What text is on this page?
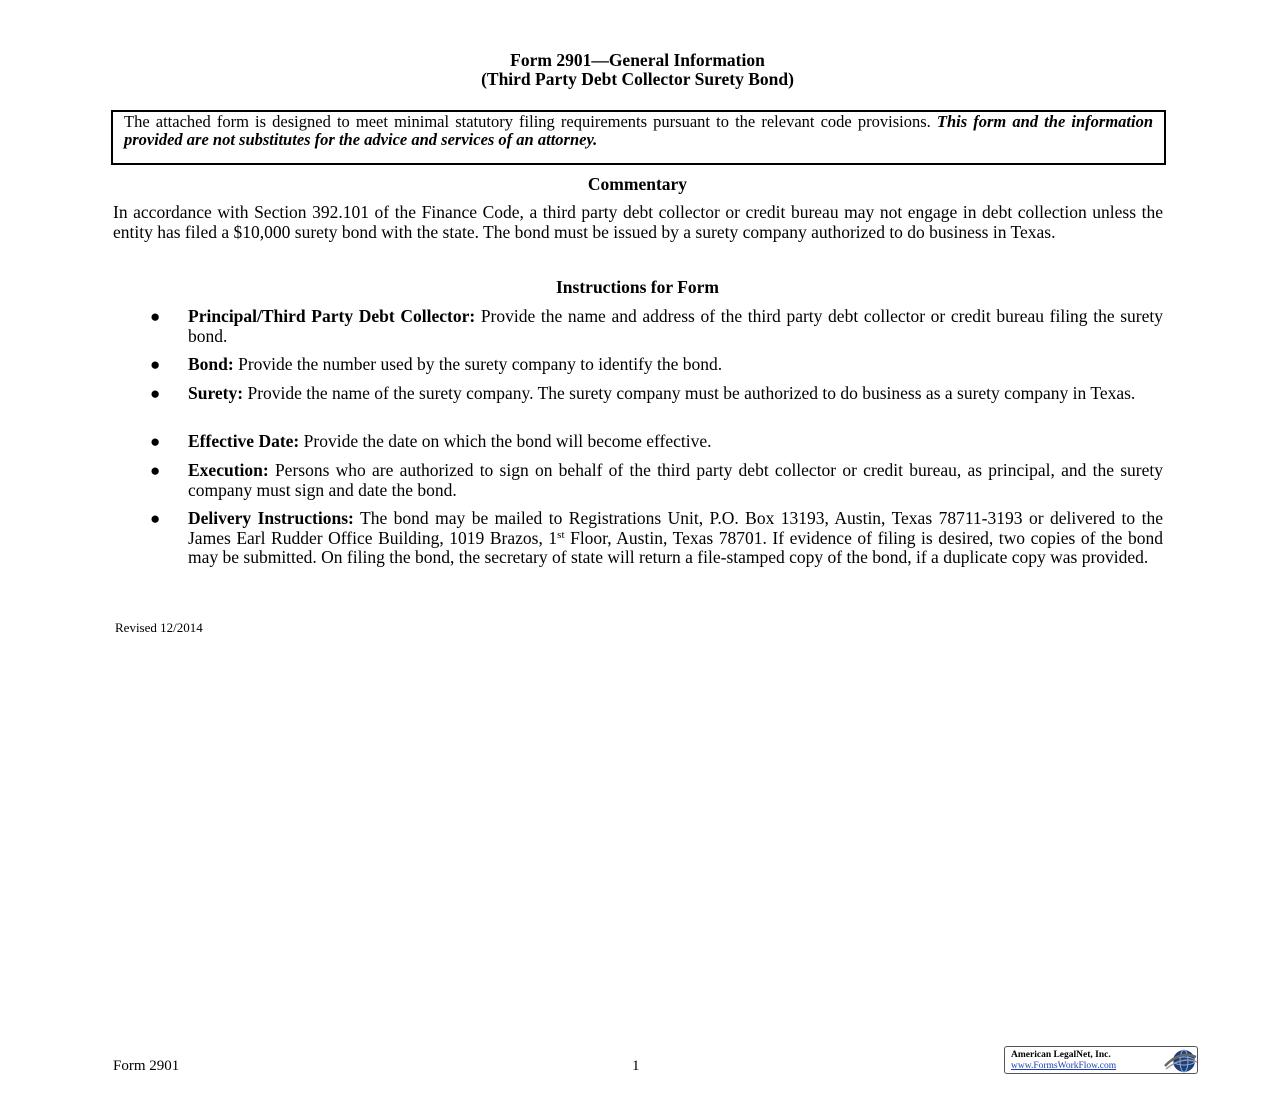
Form 2901—General Information
(Third Party Debt Collector Surety Bond)
The attached form is designed to meet minimal statutory filing requirements pursuant to the relevant code provisions. This form and the information provided are not substitutes for the advice and services of an attorney.
Commentary
In accordance with Section 392.101 of the Finance Code, a third party debt collector or credit bureau may not engage in debt collection unless the entity has filed a $10,000 surety bond with the state. The bond must be issued by a surety company authorized to do business in Texas.
Instructions for Form
● Principal/Third Party Debt Collector: Provide the name and address of the third party debt collector or credit bureau filing the surety bond.
● Bond: Provide the number used by the surety company to identify the bond.
● Surety: Provide the name of the surety company. The surety company must be authorized to do business as a surety company in Texas.
● Effective Date: Provide the date on which the bond will become effective.
● Execution: Persons who are authorized to sign on behalf of the third party debt collector or credit bureau, as principal, and the surety company must sign and date the bond.
● Delivery Instructions: The bond may be mailed to Registrations Unit, P.O. Box 13193, Austin, Texas 78711-3193 or delivered to the James Earl Rudder Office Building, 1019 Brazos, 1st Floor, Austin, Texas 78701. If evidence of filing is desired, two copies of the bond may be submitted. On filing the bond, the secretary of state will return a file-stamped copy of the bond, if a duplicate copy was provided.
Revised 12/2014
Form 2901	1
American LegalNet, Inc.
www.FormsWorkFlow.com
